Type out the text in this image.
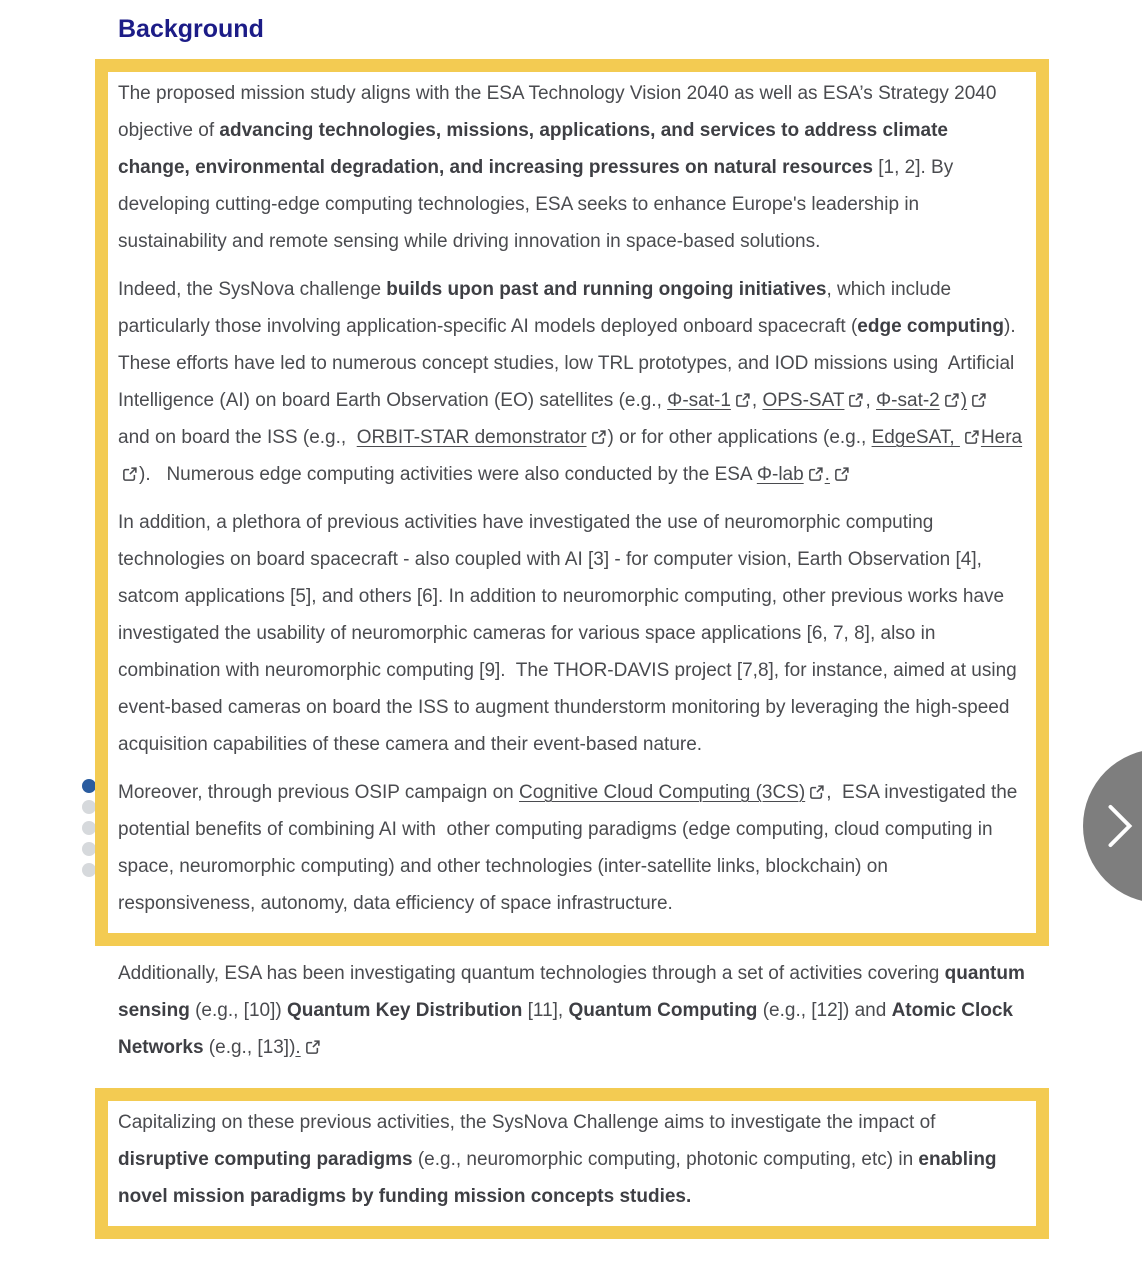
Background

The proposed mission study aligns with the ESA Technology Vision 2040 as well as ESA’s Strategy 2040 objective of advancing technologies, missions, applications, and services to address climate change, environmental degradation, and increasing pressures on natural resources [1, 2]. By developing cutting-edge computing technologies, ESA seeks to enhance Europe's leadership in sustainability and remote sensing while driving innovation in space-based solutions.

Indeed, the SysNova challenge builds upon past and running ongoing initiatives, which include particularly those involving application-specific AI models deployed onboard spacecraft (edge computing). These efforts have led to numerous concept studies, low TRL prototypes, and IOD missions using  Artificial Intelligence (AI) on board Earth Observation (EO) satellites (e.g., Φ-sat-1 , OPS-SAT , Φ-sat-2 ) and on board the ISS (e.g.,  ORBIT-STAR demonstrator ) or for other applications (e.g., EdgeSAT, Hera).   Numerous edge computing activities were also conducted by the ESA Φ-lab .

In addition, a plethora of previous activities have investigated the use of neuromorphic computing technologies on board spacecraft - also coupled with AI [3] - for computer vision, Earth Observation [4],  satcom applications [5], and others [6]. In addition to neuromorphic computing, other previous works have investigated the usability of neuromorphic cameras for various space applications [6, 7, 8], also in combination with neuromorphic computing [9].  The THOR-DAVIS project [7,8], for instance, aimed at using event-based cameras on board the ISS to augment thunderstorm monitoring by leveraging the high-speed acquisition capabilities of these camera and their event-based nature.

Moreover, through previous OSIP campaign on Cognitive Cloud Computing (3CS) ,  ESA investigated the  potential benefits of combining AI with  other computing paradigms (edge computing, cloud computing in space, neuromorphic computing) and other technologies (inter-satellite links, blockchain) on responsiveness, autonomy, data efficiency of space infrastructure.

Additionally, ESA has been investigating quantum technologies through a set of activities covering quantum sensing (e.g., [10]) Quantum Key Distribution [11], Quantum Computing (e.g., [12]) and Atomic Clock Networks (e.g., [13]).

Capitalizing on these previous activities, the SysNova Challenge aims to investigate the impact of disruptive computing paradigms (e.g., neuromorphic computing, photonic computing, etc) in enabling novel mission paradigms by funding mission concepts studies.
